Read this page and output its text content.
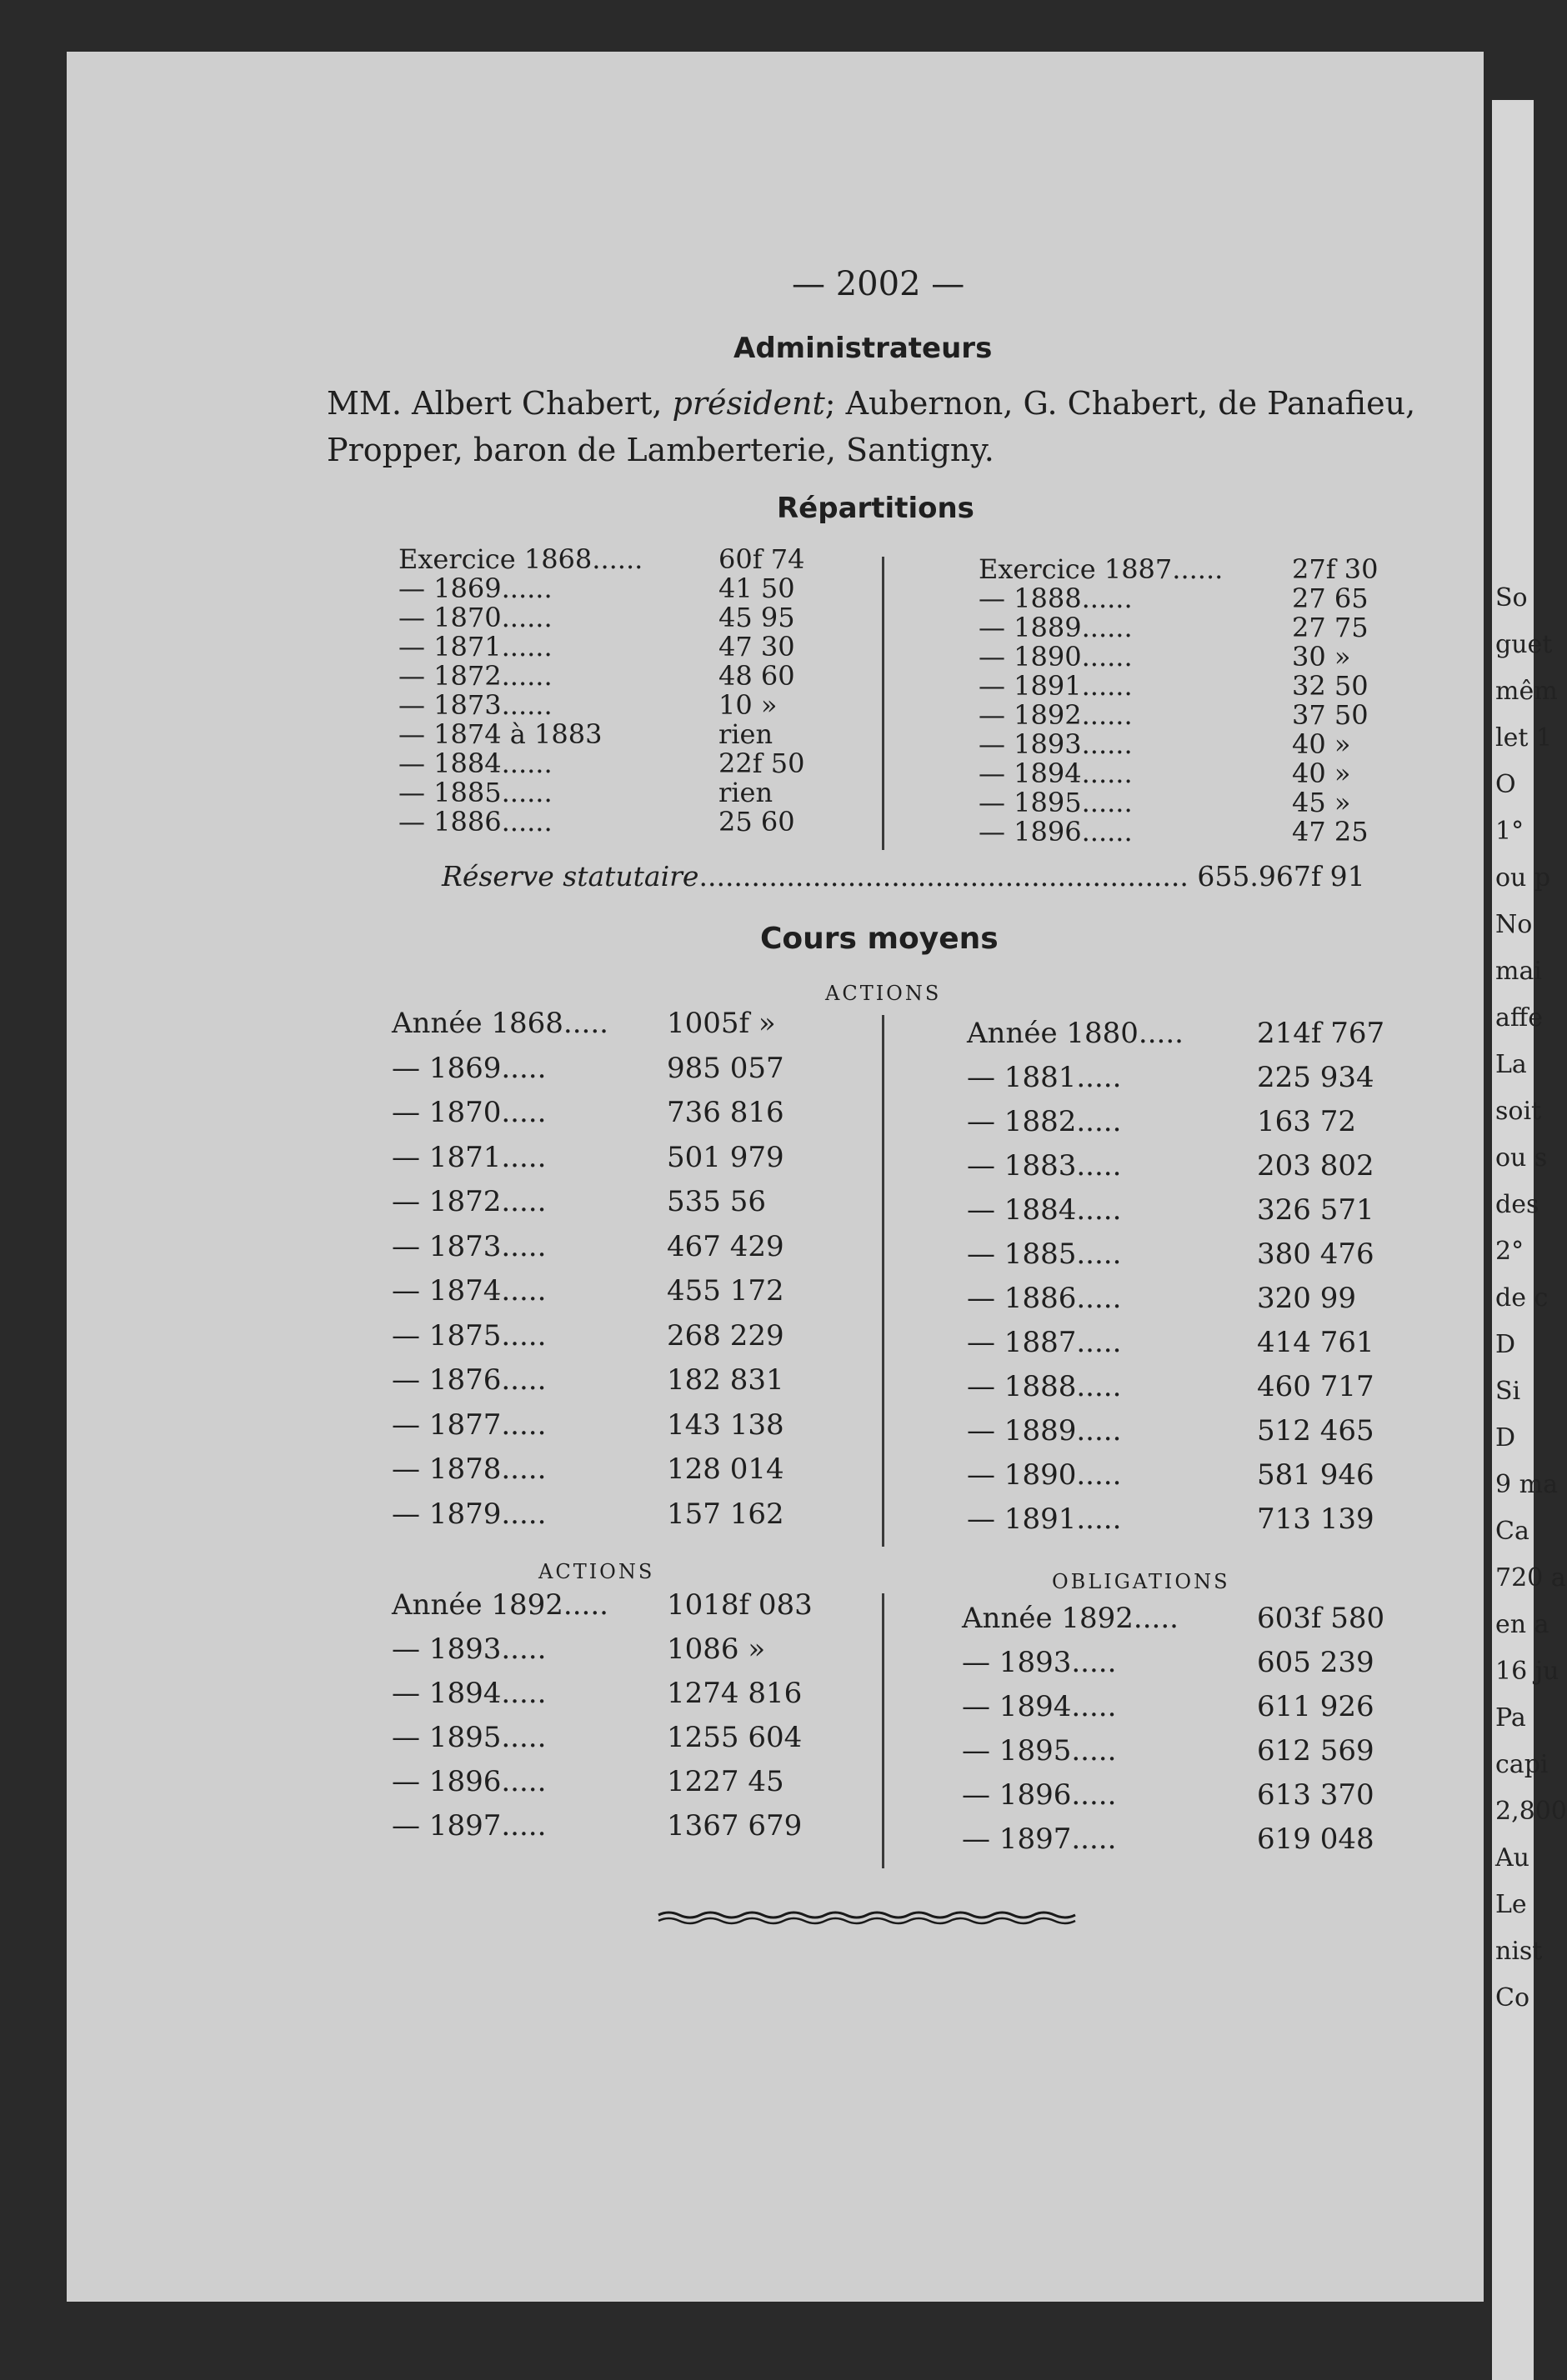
So
guet
mêm
let 1
O
1°
ou p
No
mai
affe
La
soit
ou s
des
2°
de c
D
Si
D
9 ma
Ca
720 a
en a
16 ju
Pa
capi
2,800
Au
Le
nist
Co
— 2002 —
Administrateurs
MM. Albert Chabert, président; Aubernon, G. Chabert, de Panafieu,
Propper, baron de Lamberterie, Santigny.
Répartitions
Exercice 1868......	60f 74
— 1869......	41 50
— 1870......	45 95
— 1871......	47 30
— 1872......	48 60
— 1873......	10 »
— 1874 à 1883	rien
— 1884......	22f 50
— 1885......	rien
— 1886......	25 60
Exercice 1887......	27f 30
— 1888......	27 65
— 1889......	27 75
— 1890......	30 »
— 1891......	32 50
— 1892......	37 50
— 1893......	40 »
— 1894......	40 »
— 1895......	45 »
— 1896......	47 25
Réserve statutaire........................................................ 655.967f 91
Cours moyens
ACTIONS
Année 1868..... 1005f »
— 1869.....	985 057
— 1870.....	736 816
— 1871.....	501 979
— 1872.....	535 56
— 1873.....	467 429
— 1874.....	455 172
— 1875.....	268 229
— 1876.....	182 831
— 1877.....	143 138
— 1878.....	128 014
— 1879.....	157 162
Année 1880.....	214f 767
— 1881.....	225 934
— 1882.....	163 72
— 1883.....	203 802
— 1884.....	326 571
— 1885.....	380 476
— 1886.....	320 99
— 1887.....	414 761
— 1888.....	460 717
— 1889.....	512 465
— 1890.....	581 946
— 1891.....	713 139
ACTIONS	OBLIGATIONS
Année 1892..... 1018f 083
— 1893.....	1086 »
— 1894.....	1274 816
— 1895.....	1255 604
— 1896.....	1227 45
— 1897.....	1367 679
Année 1892.....	603f 580
— 1893.....	605 239
— 1894.....	611 926
— 1895.....	612 569
— 1896.....	613 370
— 1897.....	619 048
